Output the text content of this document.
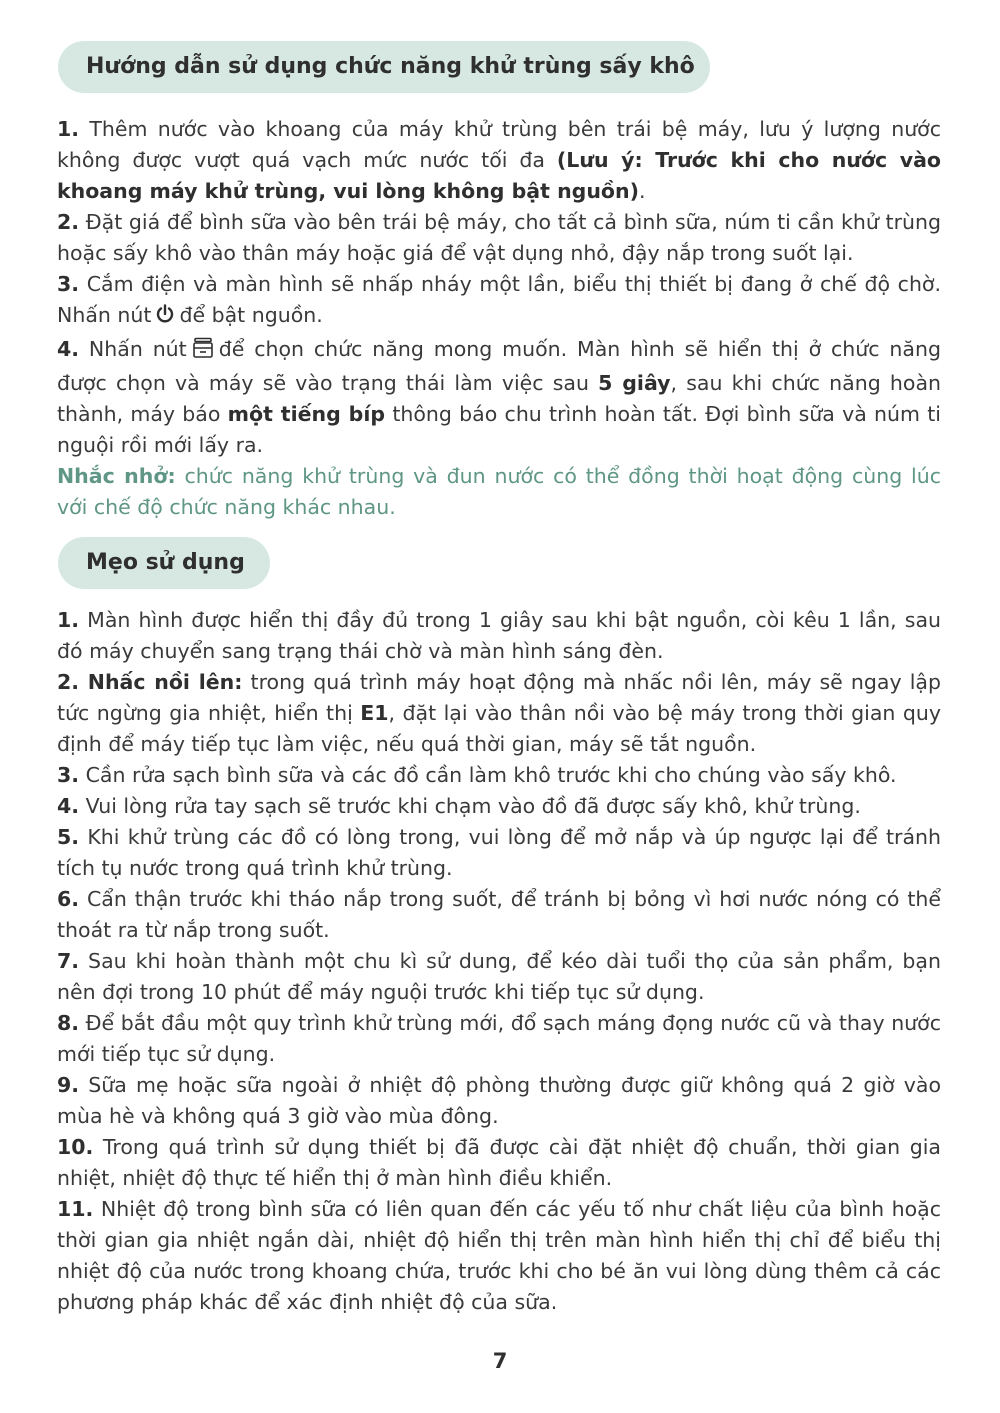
Hướng dẫn sử dụng chức năng khử trùng sấy khô

1. Thêm nước vào khoang của máy khử trùng bên trái bệ máy, lưu ý lượng nước không được vượt quá vạch mức nước tối đa (Lưu ý: Trước khi cho nước vào khoang máy khử trùng, vui lòng không bật nguồn).

2. Đặt giá để bình sữa vào bên trái bệ máy, cho tất cả bình sữa, núm ti cần khử trùng hoặc sấy khô vào thân máy hoặc giá để vật dụng nhỏ, đậy nắp trong suốt lại.

3. Cắm điện và màn hình sẽ nhấp nháy một lần, biểu thị thiết bị đang ở chế độ chờ. Nhấn nút để bật nguồn.

4. Nhấn nút để chọn chức năng mong muốn. Màn hình sẽ hiển thị ở chức năng được chọn và máy sẽ vào trạng thái làm việc sau 5 giây, sau khi chức năng hoàn thành, máy báo một tiếng bíp thông báo chu trình hoàn tất. Đợi bình sữa và núm ti nguội rồi mới lấy ra.

Nhắc nhở: chức năng khử trùng và đun nước có thể đồng thời hoạt động cùng lúc với chế độ chức năng khác nhau.

Mẹo sử dụng

1. Màn hình được hiển thị đầy đủ trong 1 giây sau khi bật nguồn, còi kêu 1 lần, sau đó máy chuyển sang trạng thái chờ và màn hình sáng đèn.

2. Nhấc nồi lên: trong quá trình máy hoạt động mà nhấc nồi lên, máy sẽ ngay lập tức ngừng gia nhiệt, hiển thị E1, đặt lại vào thân nồi vào bệ máy trong thời gian quy định để máy tiếp tục làm việc, nếu quá thời gian, máy sẽ tắt nguồn.

3. Cần rửa sạch bình sữa và các đồ cần làm khô trước khi cho chúng vào sấy khô.

4. Vui lòng rửa tay sạch sẽ trước khi chạm vào đồ đã được sấy khô, khử trùng.

5. Khi khử trùng các đồ có lòng trong, vui lòng để mở nắp và úp ngược lại để tránh tích tụ nước trong quá trình khử trùng.

6. Cẩn thận trước khi tháo nắp trong suốt, để tránh bị bỏng vì hơi nước nóng có thể thoát ra từ nắp trong suốt.

7. Sau khi hoàn thành một chu kì sử dung, để kéo dài tuổi thọ của sản phẩm, bạn nên đợi trong 10 phút để máy nguội trước khi tiếp tục sử dụng.

8. Để bắt đầu một quy trình khử trùng mới, đổ sạch máng đọng nước cũ và thay nước mới tiếp tục sử dụng.

9. Sữa mẹ hoặc sữa ngoài ở nhiệt độ phòng thường được giữ không quá 2 giờ vào mùa hè và không quá 3 giờ vào mùa đông.

10. Trong quá trình sử dụng thiết bị đã được cài đặt nhiệt độ chuẩn, thời gian gia nhiệt, nhiệt độ thực tế hiển thị ở màn hình điều khiển.

11. Nhiệt độ trong bình sữa có liên quan đến các yếu tố như chất liệu của bình hoặc thời gian gia nhiệt ngắn dài, nhiệt độ hiển thị trên màn hình hiển thị chỉ để biểu thị nhiệt độ của nước trong khoang chứa, trước khi cho bé ăn vui lòng dùng thêm cả các phương pháp khác để xác định nhiệt độ của sữa.

7
